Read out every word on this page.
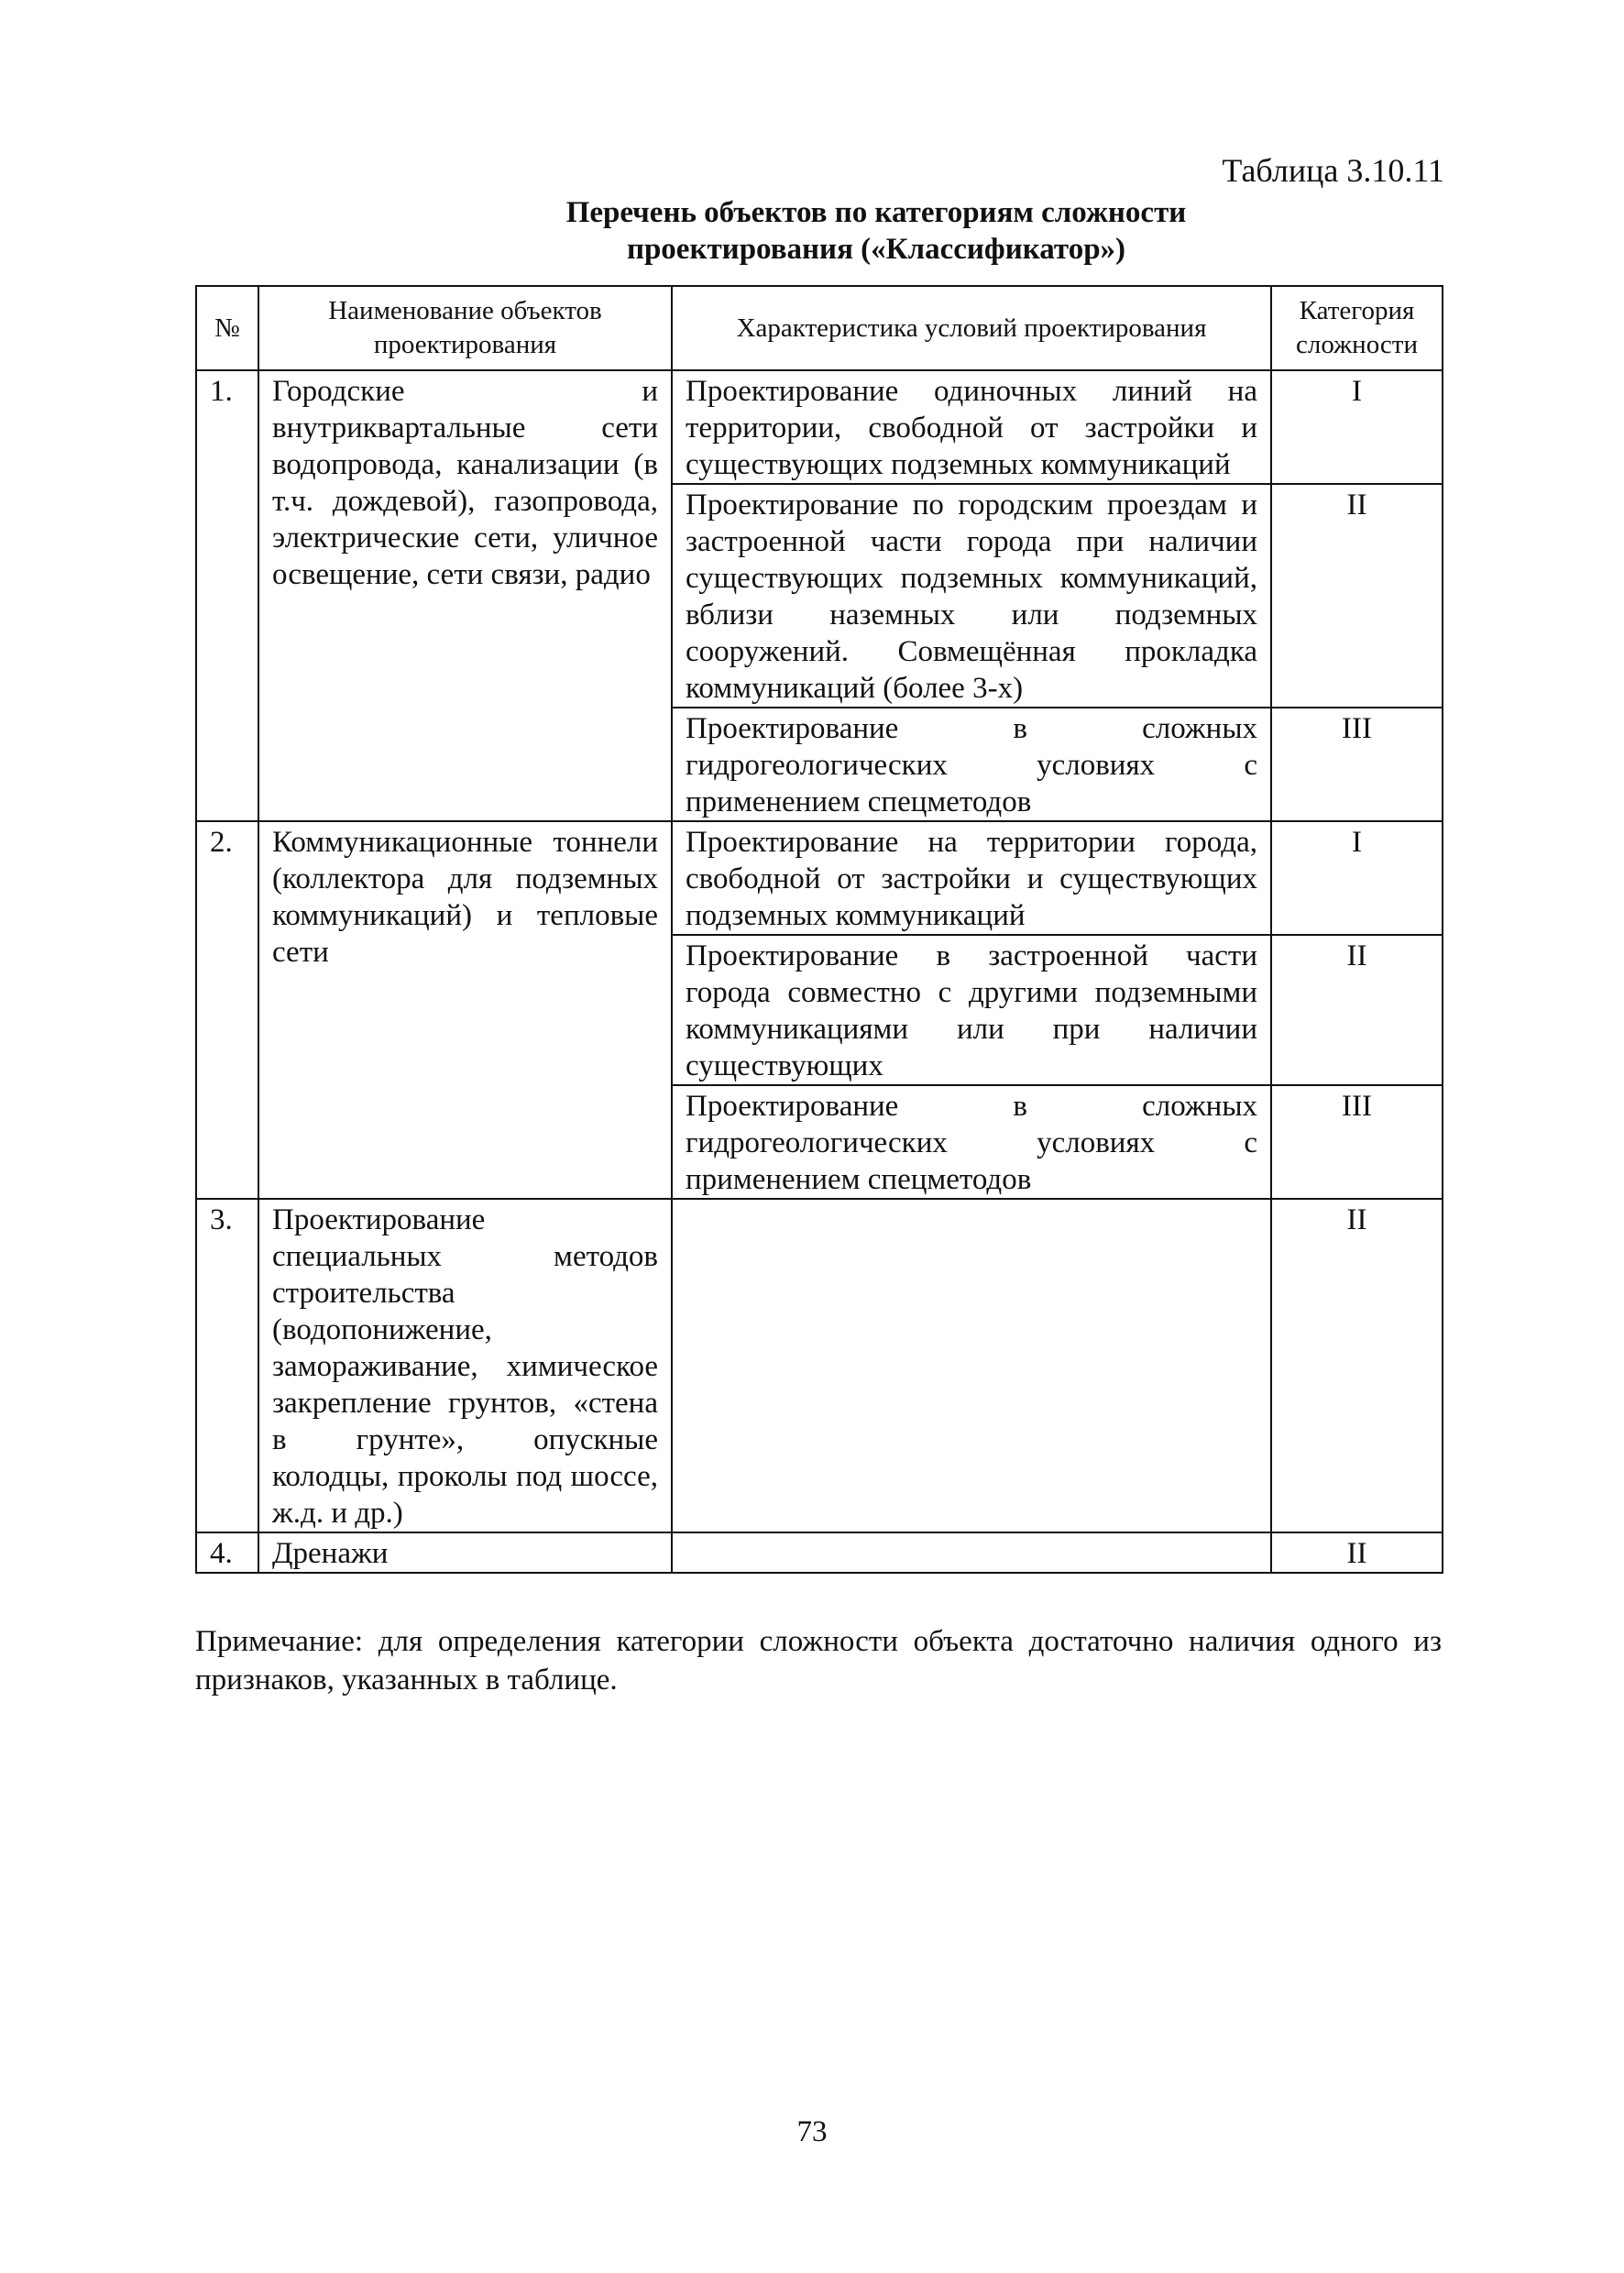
Таблица 3.10.11
Перечень объектов по категориям сложности
проектирования («Классификатор»)
№	Наименование объектов проектирования	Характеристика условий проектирования	Категория сложности
1.	Городские и внутриквартальные сети водопровода, канализации (в т.ч. дождевой), газопровода, электрические сети, уличное освещение, сети связи, радио	Проектирование одиночных линий на территории, свободной от застройки и существующих подземных коммуникаций	I
		Проектирование по городским проездам и застроенной части города при наличии существующих подземных коммуникаций, вблизи наземных или подземных сооружений. Совмещённая прокладка коммуникаций (более 3-х)	II
		Проектирование в сложных гидрогеологических условиях с применением спецметодов	III
2.	Коммуникационные тоннели (коллектора для подземных коммуникаций) и тепловые сети	Проектирование на территории города, свободной от застройки и существующих подземных коммуникаций	I
		Проектирование в застроенной части города совместно с другими подземными коммуникациями или при наличии существующих	II
		Проектирование в сложных гидрогеологических условиях с применением спецметодов	III
3.	Проектирование специальных методов строительства (водопонижение, замораживание, химическое закрепление грунтов, «стена в грунте», опускные колодцы, проколы под шоссе, ж.д. и др.)		II
4.	Дренажи		II
Примечание: для определения категории сложности объекта достаточно наличия одного из признаков, указанных в таблице.
73
